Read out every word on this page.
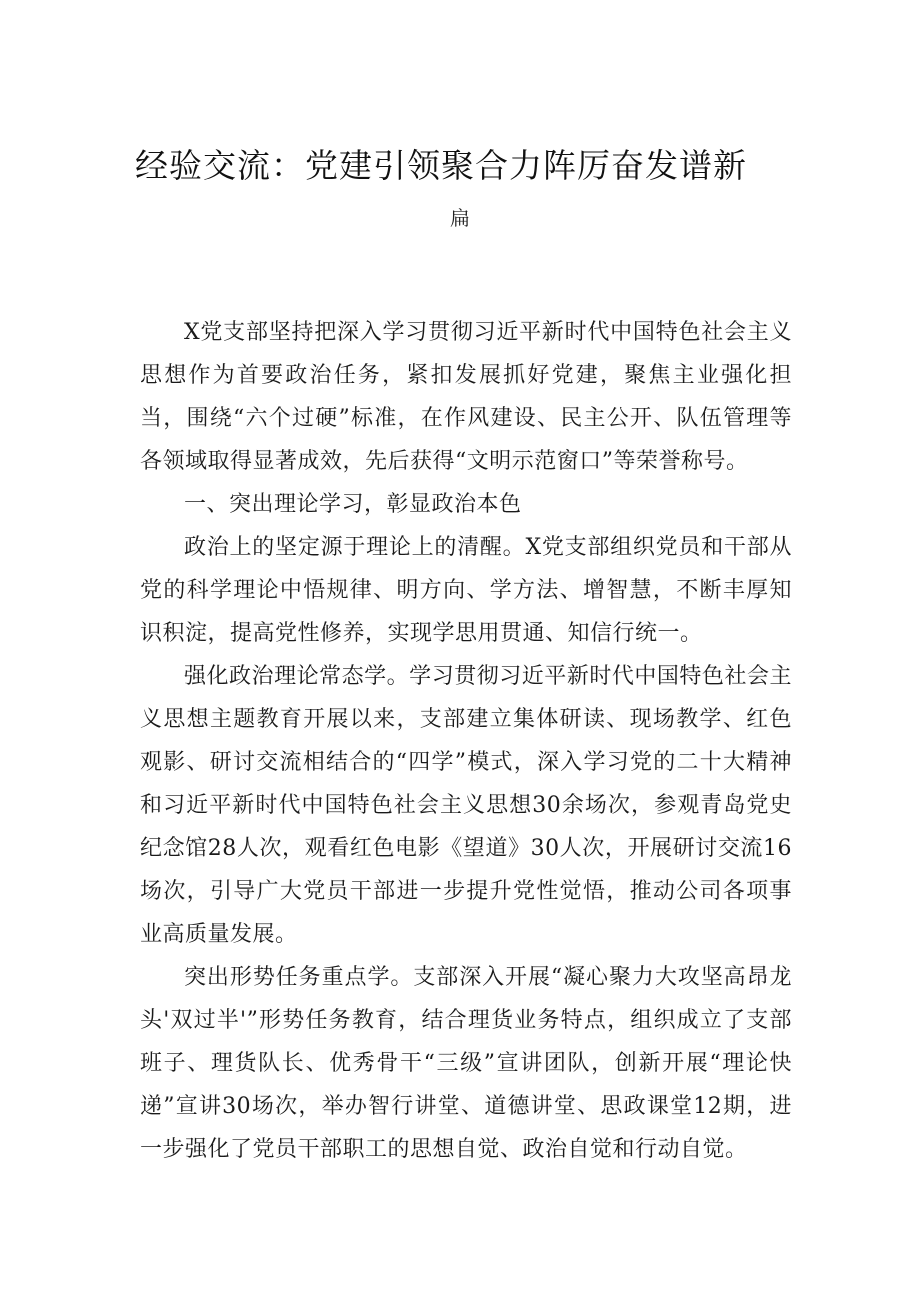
经验交流：党建引领聚合力阵厉奋发谱新
扁

X党支部坚持把深入学习贯彻习近平新时代中国特色社会主义思想作为首要政治任务，紧扣发展抓好党建，聚焦主业强化担当，围绕“六个过硬”标准，在作风建设、民主公开、队伍管理等各领域取得显著成效，先后获得“文明示范窗口”等荣誉称号。

一、突出理论学习，彰显政治本色

政治上的坚定源于理论上的清醒。X党支部组织党员和干部从党的科学理论中悟规律、明方向、学方法、增智慧，不断丰厚知识积淀，提高党性修养，实现学思用贯通、知信行统一。

强化政治理论常态学。学习贯彻习近平新时代中国特色社会主义思想主题教育开展以来，支部建立集体研读、现场教学、红色观影、研讨交流相结合的“四学”模式，深入学习党的二十大精神和习近平新时代中国特色社会主义思想30余场次，参观青岛党史纪念馆28人次，观看红色电影《望道》30人次，开展研讨交流16场次，引导广大党员干部进一步提升党性觉悟，推动公司各项事业高质量发展。

突出形势任务重点学。支部深入开展“凝心聚力大攻坚高昂龙头'双过半'”形势任务教育，结合理货业务特点，组织成立了支部班子、理货队长、优秀骨干“三级”宣讲团队，创新开展“理论快递”宣讲30场次，举办智行讲堂、道德讲堂、思政课堂12期，进一步强化了党员干部职工的思想自觉、政治自觉和行动自觉。
